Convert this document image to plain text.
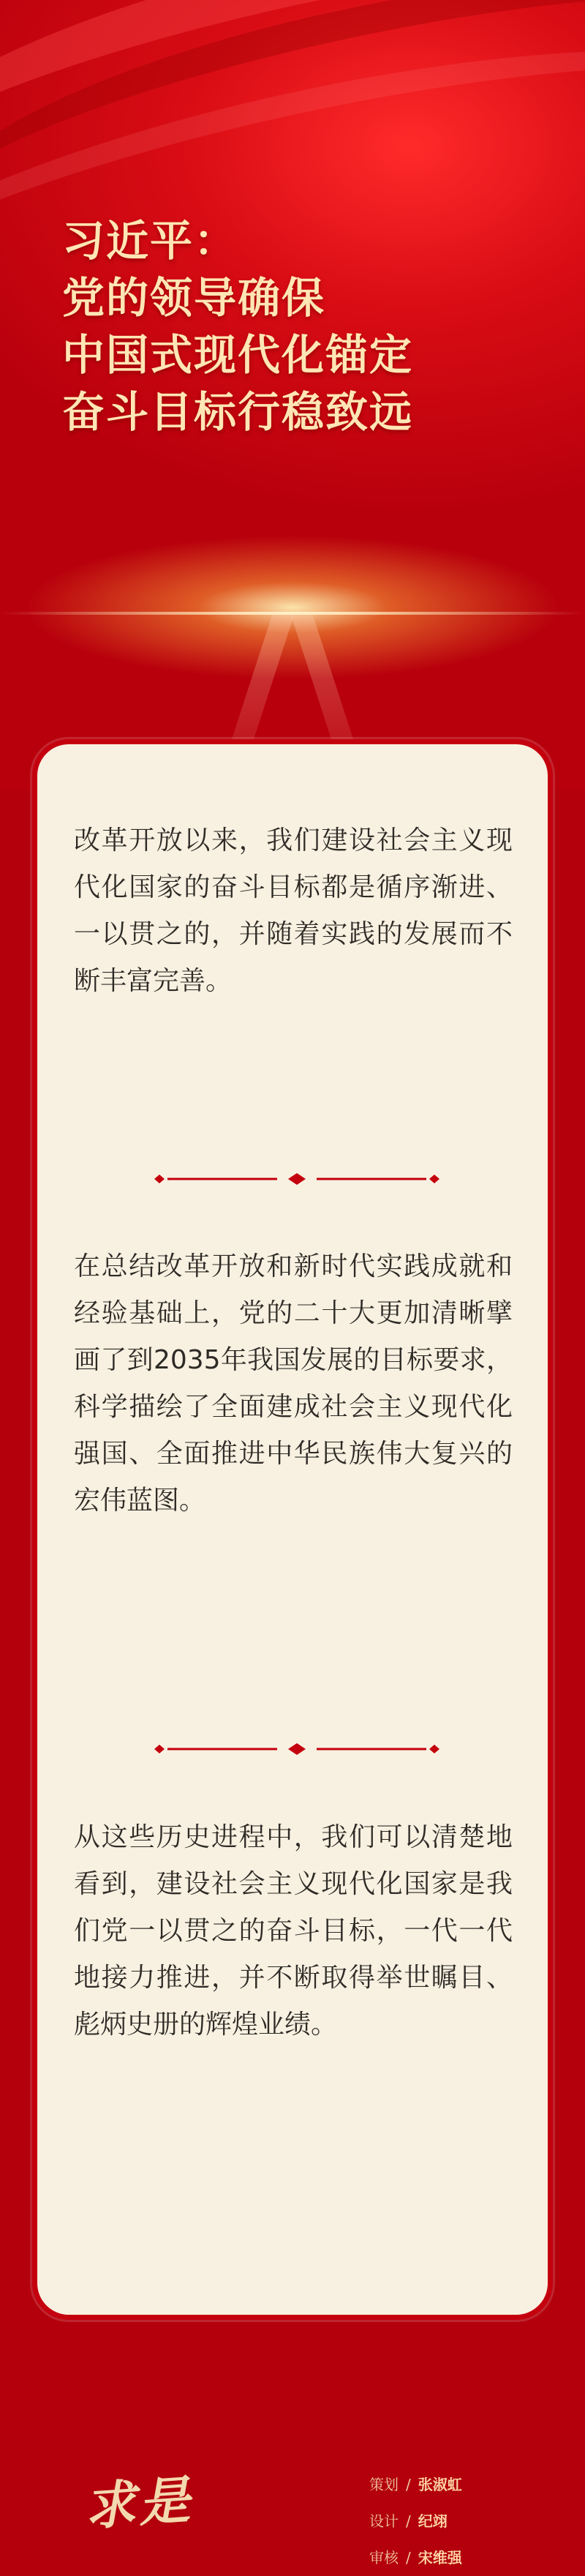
习近平：
党的领导确保
中国式现代化锚定
奋斗目标行稳致远

改革开放以来，我们建设社会主义现代化国家的奋斗目标都是循序渐进、一以贯之的，并随着实践的发展而不断丰富完善。

在总结改革开放和新时代实践成就和经验基础上，党的二十大更加清晰擘画了到2035年我国发展的目标要求，科学描绘了全面建成社会主义现代化强国、全面推进中华民族伟大复兴的宏伟蓝图。

从这些历史进程中，我们可以清楚地看到，建设社会主义现代化国家是我们党一以贯之的奋斗目标，一代一代地接力推进，并不断取得举世瞩目、彪炳史册的辉煌业绩。

求是	策划 / 张淑虹
设计 / 纪翊
审核 / 宋维强
